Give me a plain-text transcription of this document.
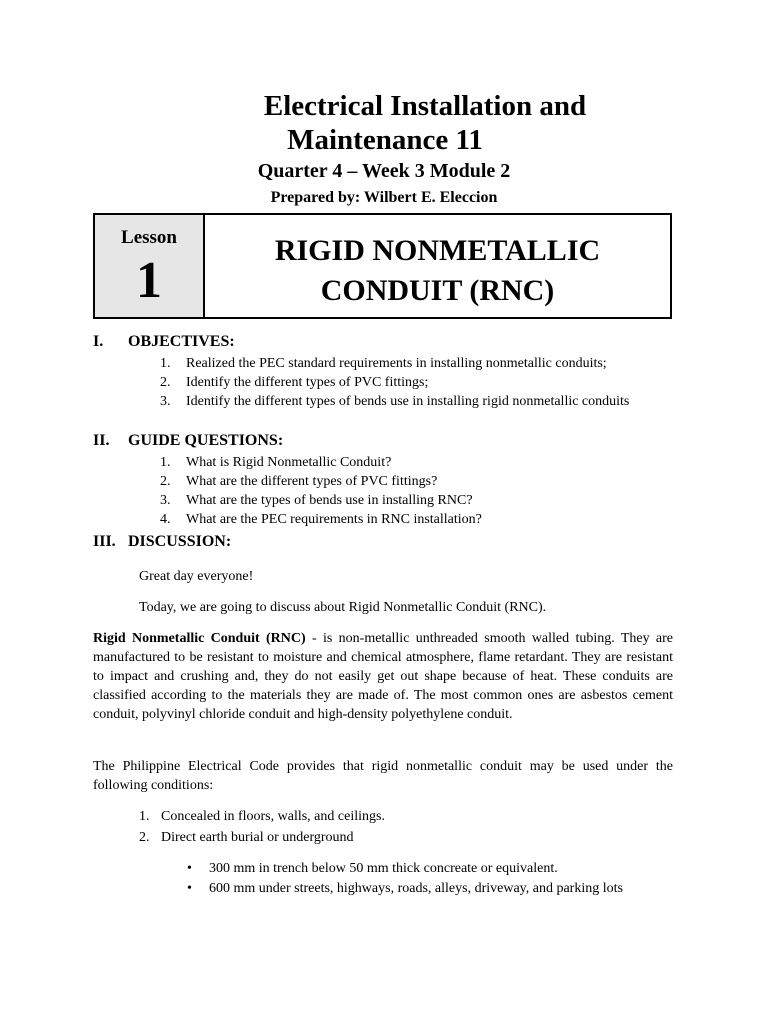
Electrical Installation and
Maintenance 11
Quarter 4 – Week 3 Module 2
Prepared by: Wilbert E. Eleccion
Lesson
1
RIGID NONMETALLIC
CONDUIT (RNC)
I. OBJECTIVES:
1. Realized the PEC standard requirements in installing nonmetallic conduits;
2. Identify the different types of PVC fittings;
3. Identify the different types of bends use in installing rigid nonmetallic conduits
II. GUIDE QUESTIONS:
1. What is Rigid Nonmetallic Conduit?
2. What are the different types of PVC fittings?
3. What are the types of bends use in installing RNC?
4. What are the PEC requirements in RNC installation?
III. DISCUSSION:
Great day everyone!
Today, we are going to discuss about Rigid Nonmetallic Conduit (RNC).
Rigid Nonmetallic Conduit (RNC) - is non-metallic unthreaded smooth walled tubing. They are manufactured to be resistant to moisture and chemical atmosphere, flame retardant. They are resistant to impact and crushing and, they do not easily get out shape because of heat. These conduits are classified according to the materials they are made of. The most common ones are asbestos cement conduit, polyvinyl chloride conduit and high-density polyethylene conduit.
The Philippine Electrical Code provides that rigid nonmetallic conduit may be used under the following conditions:
1. Concealed in floors, walls, and ceilings.
2. Direct earth burial or underground
• 300 mm in trench below 50 mm thick concreate or equivalent.
• 600 mm under streets, highways, roads, alleys, driveway, and parking lots
